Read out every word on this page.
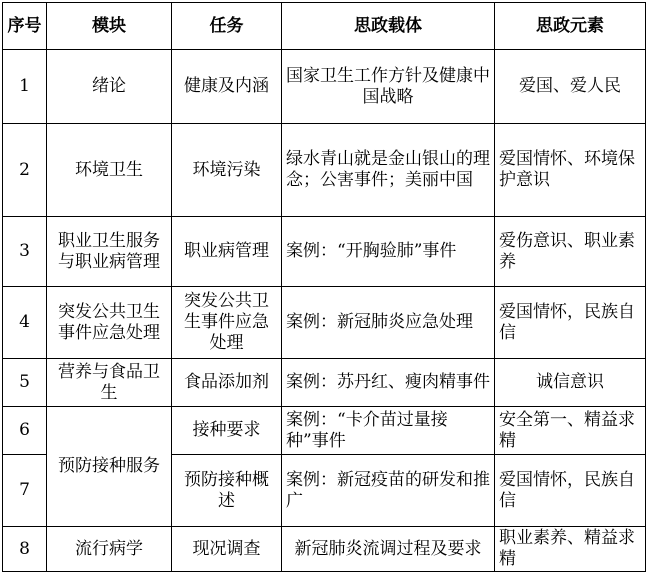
序号	模块	任务	思政载体	思政元素
1	绪论	健康及内涵	国家卫生工作方针及健康中国战略	爱国、爱人民
2	环境卫生	环境污染	绿水青山就是金山银山的理念；公害事件；美丽中国	爱国情怀、环境保护意识
3	职业卫生服务与职业病管理	职业病管理	案例：“开胸验肺”事件	爱伤意识、职业素养
4	突发公共卫生事件应急处理	突发公共卫生事件应急处理	案例：新冠肺炎应急处理	爱国情怀，民族自信
5	营养与食品卫生	食品添加剂	案例：苏丹红、瘦肉精事件	诚信意识
6	预防接种服务	接种要求	案例：“卡介苗过量接种”事件	安全第一、精益求精
7		预防接种概述	案例：新冠疫苗的研发和推广	爱国情怀，民族自信
8	流行病学	现况调查	新冠肺炎流调过程及要求	职业素养、精益求精
